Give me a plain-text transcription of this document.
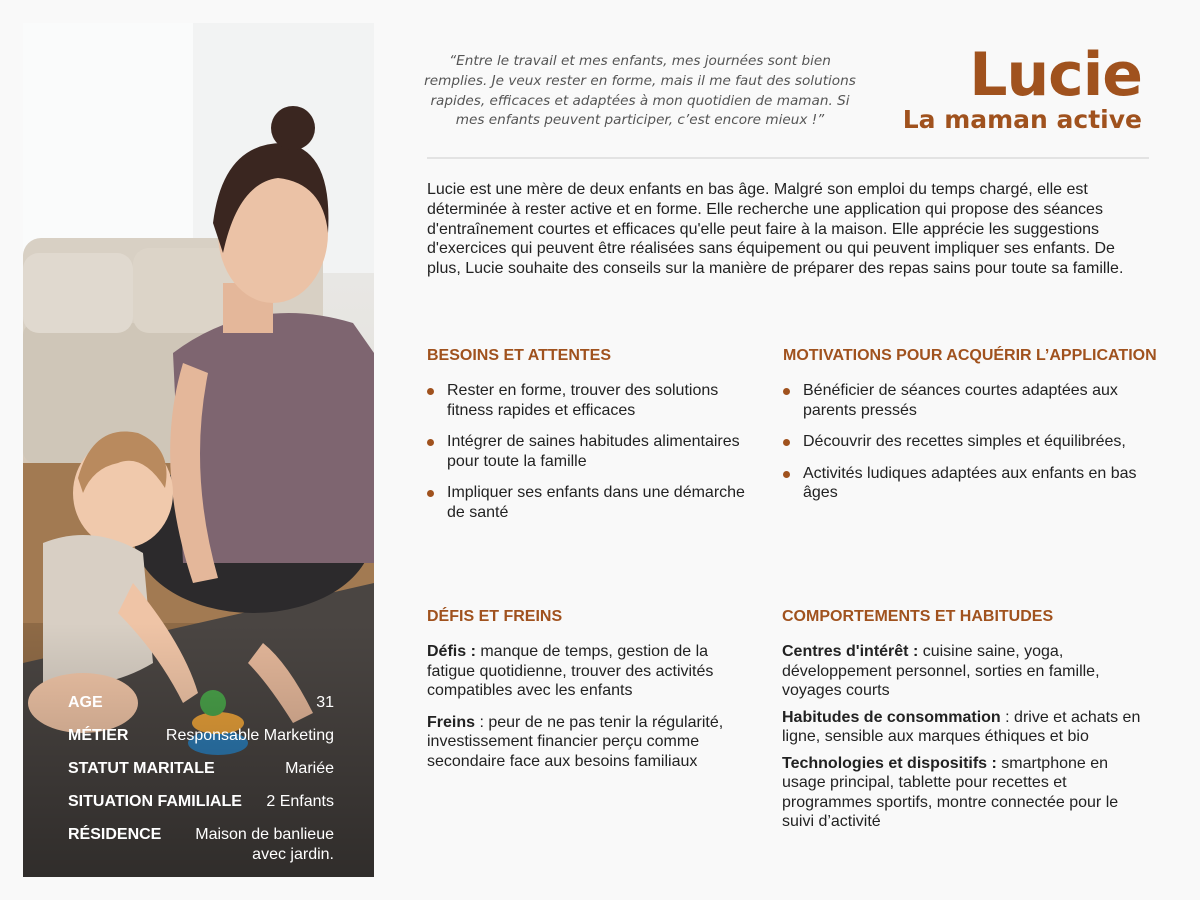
AGE	31
MÉTIER Responsable Marketing
STATUT MARITALE	Mariée
SITUATION FAMILIALE 2 Enfants
RÉSIDENCE	Maison de banlieue avec jardin.

“Entre le travail et mes enfants, mes journées sont bien remplies. Je veux rester en forme, mais il me faut des solutions rapides, efficaces et adaptées à mon quotidien de maman. Si mes enfants peuvent participer, c’est encore mieux !”

Lucie
La maman active

Lucie est une mère de deux enfants en bas âge. Malgré son emploi du temps chargé, elle est déterminée à rester active et en forme. Elle recherche une application qui propose des séances d'entraînement courtes et efficaces qu'elle peut faire à la maison. Elle apprécie les suggestions d'exercices qui peuvent être réalisées sans équipement ou qui peuvent impliquer ses enfants. De plus, Lucie souhaite des conseils sur la manière de préparer des repas sains pour toute sa famille.

BESOINS ET ATTENTES
Rester en forme, trouver des solutions fitness rapides et efficaces
Intégrer de saines habitudes alimentaires pour toute la famille
Impliquer ses enfants dans une démarche de santé
MOTIVATIONS POUR ACQUÉRIR L’APPLICATION
Bénéficier de séances courtes adaptées aux parents pressés
Découvrir des recettes simples et équilibrées,
Activités ludiques adaptées aux enfants en bas âges
DÉFIS ET FREINS

Défis : manque de temps, gestion de la fatigue quotidienne, trouver des activités compatibles avec les enfants

Freins : peur de ne pas tenir la régularité, investissement financier perçu comme secondaire face aux besoins familiaux

COMPORTEMENTS ET HABITUDES

Centres d'intérêt : cuisine saine, yoga, développement personnel, sorties en famille, voyages courts

Habitudes de consommation : drive et achats en ligne, sensible aux marques éthiques et bio

Technologies et dispositifs : smartphone en usage principal, tablette pour recettes et programmes sportifs, montre connectée pour le suivi d’activité
